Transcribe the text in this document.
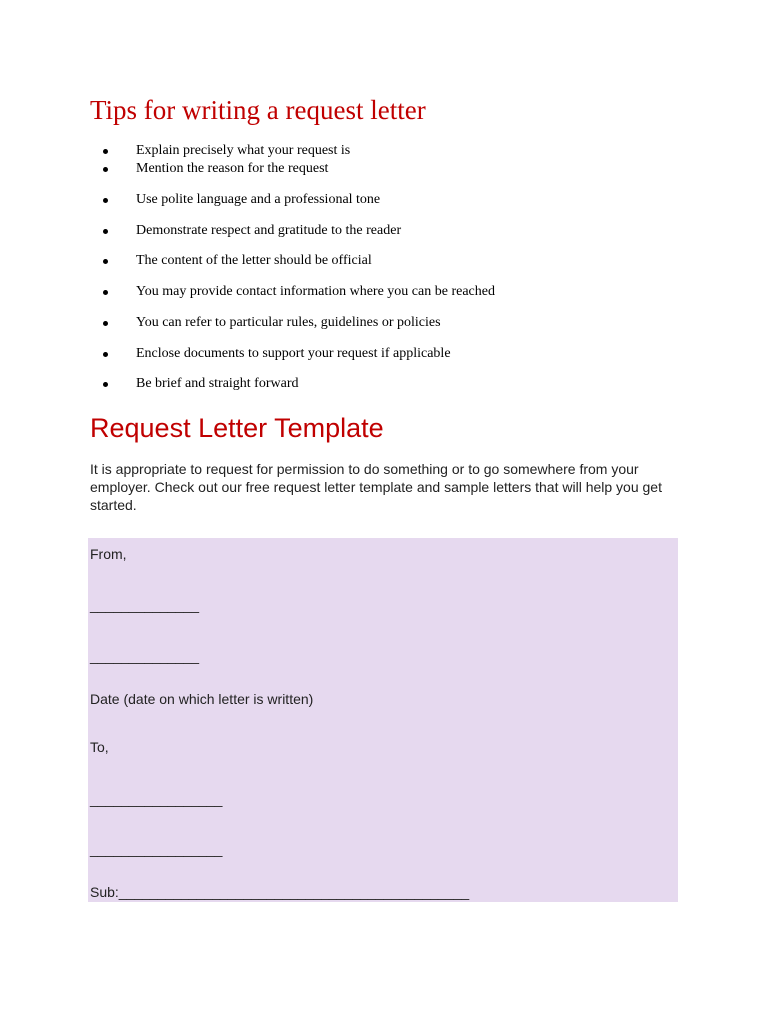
Tips for writing a request letter
Explain precisely what your request is
Mention the reason for the request
Use polite language and a professional tone
Demonstrate respect and gratitude to the reader
The content of the letter should be official
You may provide contact information where you can be reached
You can refer to particular rules, guidelines or policies
Enclose documents to support your request if applicable
Be brief and straight forward
Request Letter Template

It is appropriate to request for permission to do something or to go somewhere from your employer. Check out our free request letter template and sample letters that will help you get started.

From,

______________

______________

Date (date on which letter is written)

To,

_________________

_________________

Sub:_____________________________________________
